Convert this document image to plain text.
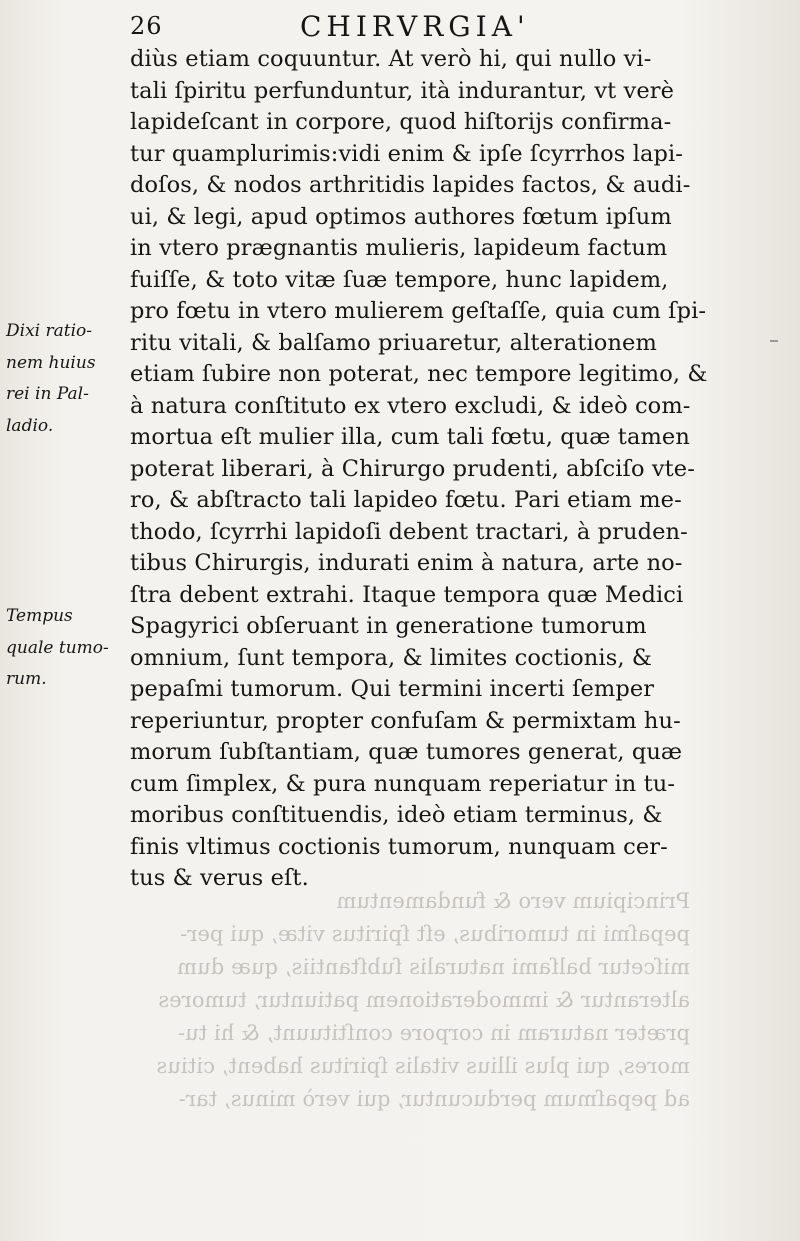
26	CHIRVRGIA'
Principium vero & fundamentum
pepaſmi in tumoribus, eſt ſpiritus vitæ, qui per-
miſcetur balſami naturalis ſubſtantiis, quæ dum
alterantur & immoderationem patiuntur, tumores
præter naturam in corpore conſtituunt, & hi tu-
mores, qui plus illius vitalis ſpiritus habent, citius
ad pepaſmum perducuntur, qui verò minus, tar-
diùs etiam coquuntur. At verò hi, qui nullo vi-
tali ſpiritu perfunduntur, ità indurantur, vt verè
lapideſcant in corpore, quod hiſtorijs confirma-
tur quamplurimis:vidi enim & ipſe ſcyrrhos lapi-
doſos, & nodos arthritidis lapides factos, & audi-
ui, & legi, apud optimos authores fœtum ipſum
in vtero prægnantis mulieris, lapideum factum
fuiſſe, & toto vitæ ſuæ tempore, hunc lapidem,
pro fœtu in vtero mulierem geſtaſſe, quia cum ſpi-
ritu vitali, & balſamo priuaretur, alterationem
etiam ſubire non poterat, nec tempore legitimo, &
à natura conſtituto ex vtero excludi, & ideò com-
mortua eſt mulier illa, cum tali fœtu, quæ tamen
poterat liberari, à Chirurgo prudenti, abſciſo vte-
ro, & abſtracto tali lapideo fœtu. Pari etiam me-
thodo, ſcyrrhi lapidoſi debent tractari, à pruden-
tibus Chirurgis, indurati enim à natura, arte no-
ſtra debent extrahi. Itaque tempora quæ Medici
Spagyrici obſeruant in generatione tumorum
omnium, ſunt tempora, & limites coctionis, &
pepaſmi tumorum. Qui termini incerti ſemper
reperiuntur, propter confuſam & permixtam hu-
morum ſubſtantiam, quæ tumores generat, quæ
cum ſimplex, & pura nunquam reperiatur in tu-
moribus conſtituendis, ideò etiam terminus, &
finis vltimus coctionis tumorum, nunquam cer-
tus & verus eſt.
Dixi ratio-
nem huius
rei in Pal-
ladio.
Tempus
quale tumo-
rum.
